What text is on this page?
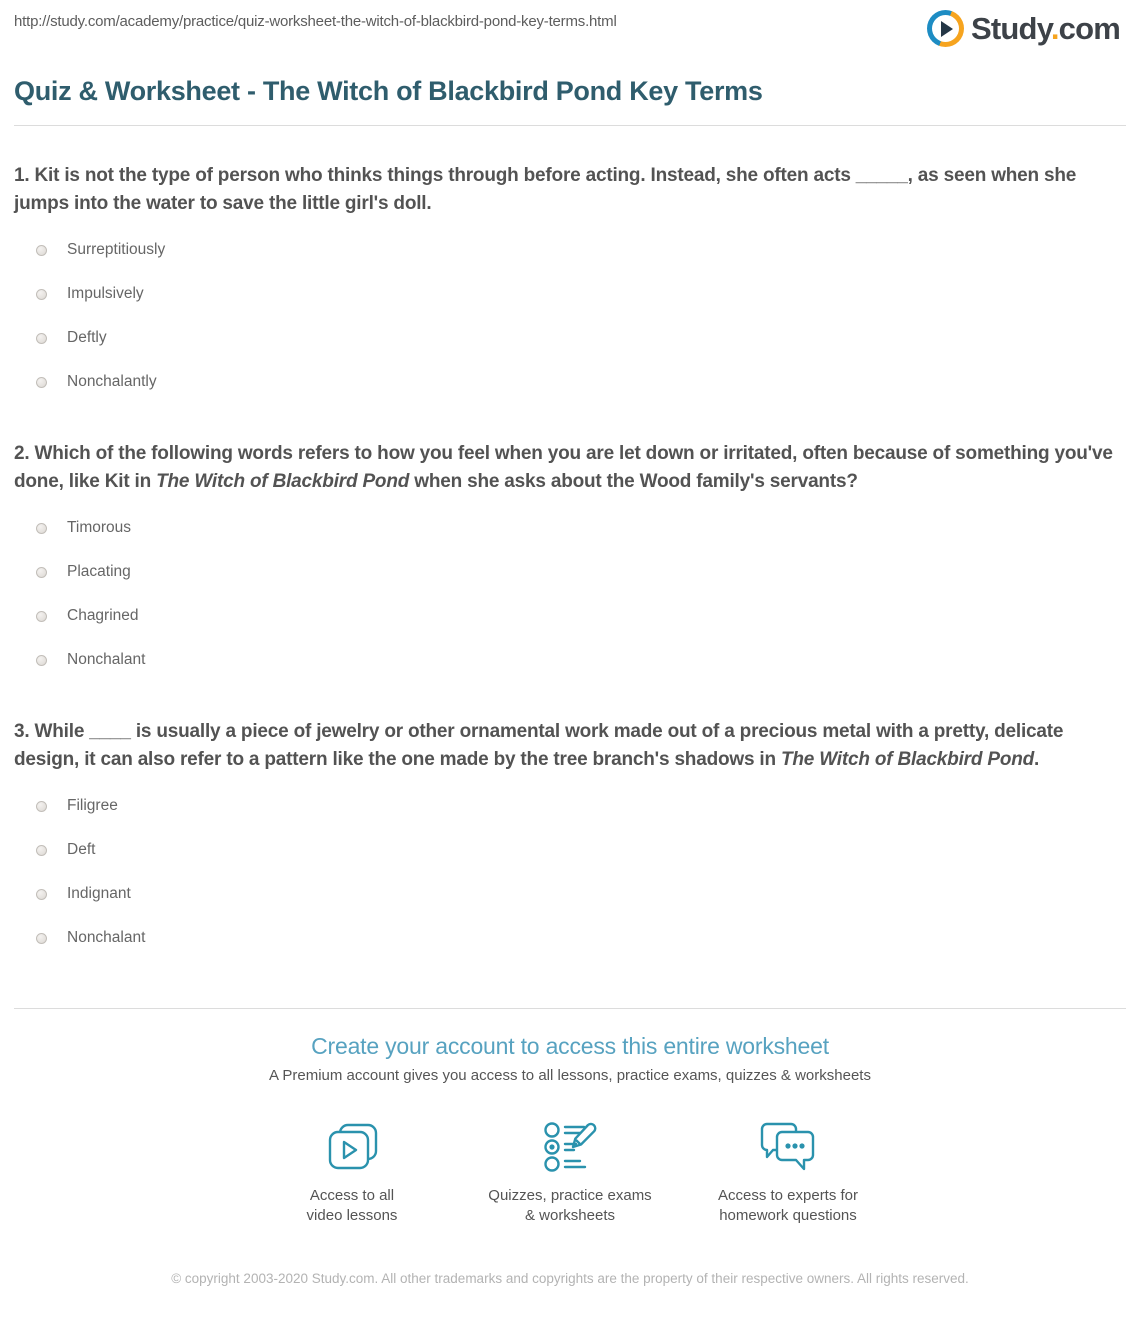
http://study.com/academy/practice/quiz-worksheet-the-witch-of-blackbird-pond-key-terms.html	Study.com
Quiz & Worksheet - The Witch of Blackbird Pond Key Terms

1. Kit is not the type of person who thinks things through before acting. Instead, she often acts _____, as seen when she jumps into the water to save the little girl's doll.

Surreptitiously
Impulsively
Deftly
Nonchalantly

2. Which of the following words refers to how you feel when you are let down or irritated, often because of something you've done, like Kit in The Witch of Blackbird Pond when she asks about the Wood family's servants?

Timorous
Placating
Chagrined
Nonchalant

3. While ____ is usually a piece of jewelry or other ornamental work made out of a precious metal with a pretty, delicate design, it can also refer to a pattern like the one made by the tree branch's shadows in The Witch of Blackbird Pond.

Filigree
Deft
Indignant
Nonchalant
Create your account to access this entire worksheet

A Premium account gives you access to all lessons, practice exams, quizzes & worksheets

Access to all
video lessons
Quizzes, practice exams
& worksheets
Access to experts for
homework questions

© copyright 2003-2020 Study.com. All other trademarks and copyrights are the property of their respective owners. All rights reserved.
